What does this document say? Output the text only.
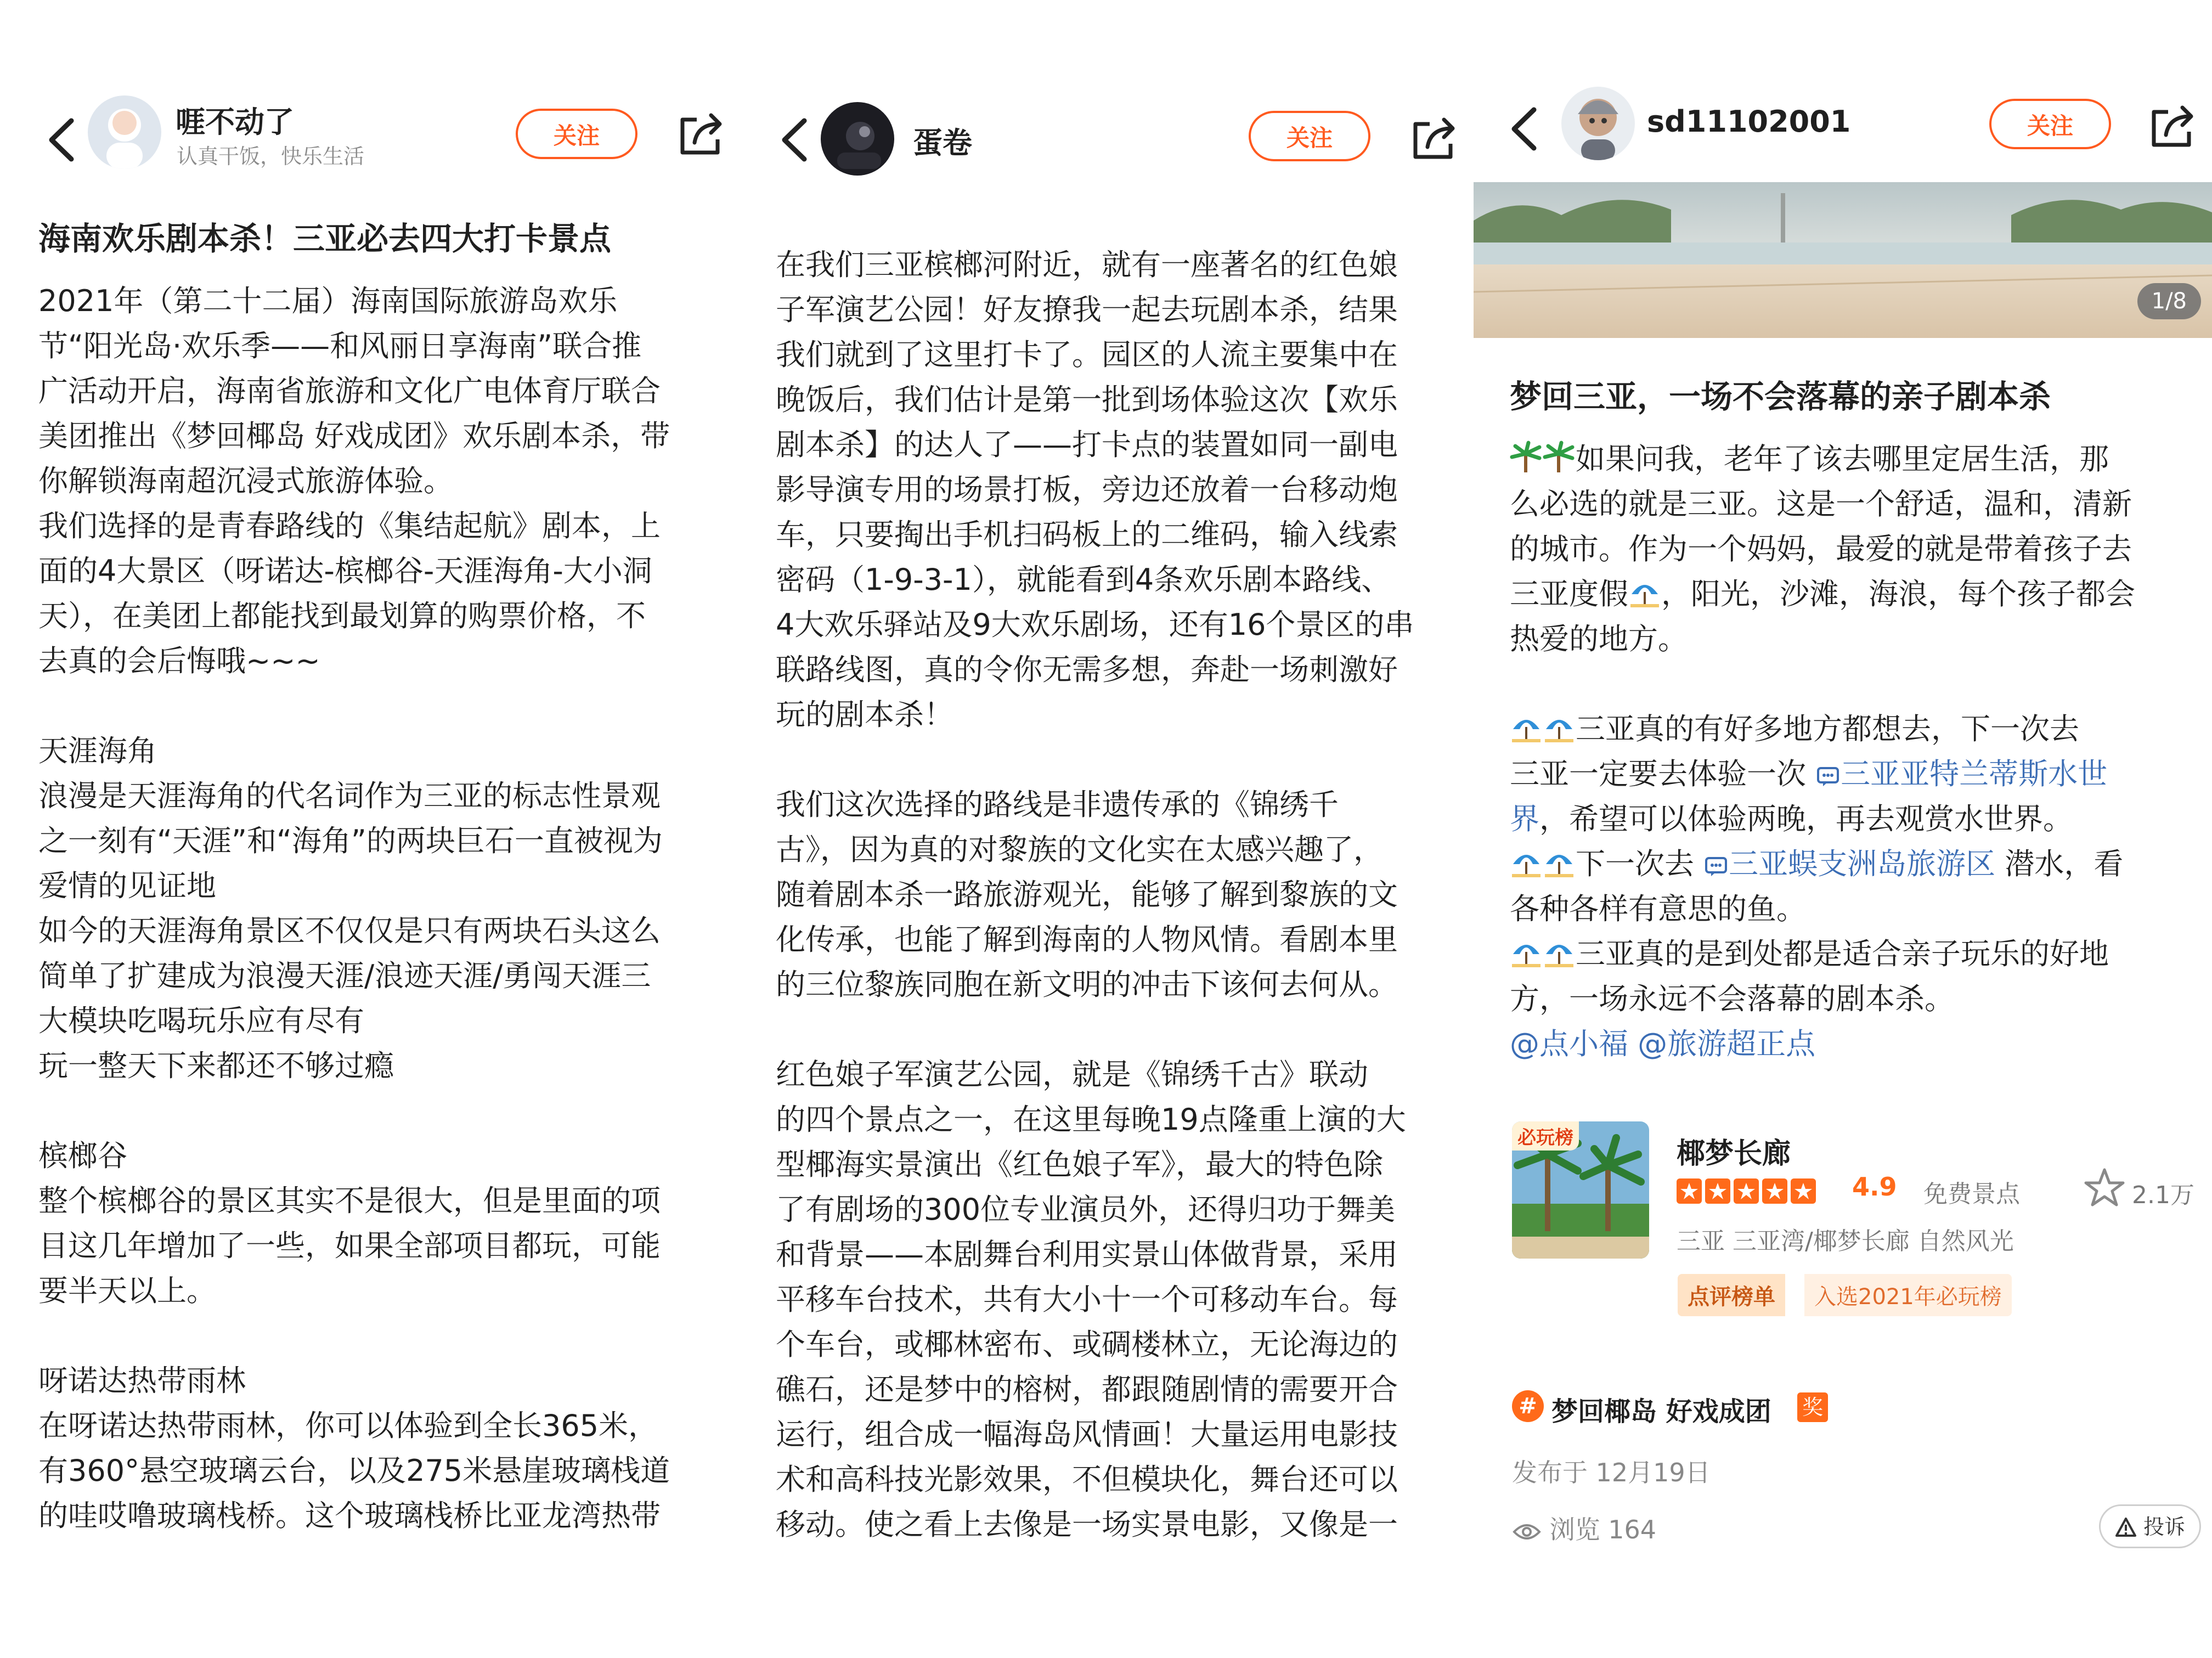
啀不动了
认真干饭，快乐生活
关注
海南欢乐剧本杀！三亚必去四大打卡景点

2021年（第二十二届）海南国际旅游岛欢乐

节“阳光岛·欢乐季——和风丽日享海南”联合推

广活动开启，海南省旅游和文化广电体育厅联合

美团推出《梦回椰岛 好戏成团》欢乐剧本杀，带

你解锁海南超沉浸式旅游体验。

我们选择的是青春路线的《集结起航》剧本，上

面的4大景区（呀诺达-槟榔谷-天涯海角-大小洞

天），在美团上都能找到最划算的购票价格，不

去真的会后悔哦~~~

天涯海角

浪漫是天涯海角的代名词作为三亚的标志性景观

之一刻有“天涯”和“海角”的两块巨石一直被视为

爱情的见证地

如今的天涯海角景区不仅仅是只有两块石头这么

简单了扩建成为浪漫天涯/浪迹天涯/勇闯天涯三

大模块吃喝玩乐应有尽有

玩一整天下来都还不够过瘾

槟榔谷

整个槟榔谷的景区其实不是很大，但是里面的项

目这几年增加了一些，如果全部项目都玩，可能

要半天以上。

呀诺达热带雨林

在呀诺达热带雨林，你可以体验到全长365米，

有360°悬空玻璃云台，以及275米悬崖玻璃栈道

的哇哎噜玻璃栈桥。这个玻璃栈桥比亚龙湾热带

蛋卷	关注

在我们三亚槟榔河附近，就有一座著名的红色娘

子军演艺公园！好友撩我一起去玩剧本杀，结果

我们就到了这里打卡了。园区的人流主要集中在

晚饭后，我们估计是第一批到场体验这次【欢乐

剧本杀】的达人了——打卡点的装置如同一副电

影导演专用的场景打板，旁边还放着一台移动炮

车，只要掏出手机扫码板上的二维码，输入线索

密码（1-9-3-1），就能看到4条欢乐剧本路线、

4大欢乐驿站及9大欢乐剧场，还有16个景区的串

联路线图，真的令你无需多想，奔赴一场刺激好

玩的剧本杀！

我们这次选择的路线是非遗传承的《锦绣千

古》，因为真的对黎族的文化实在太感兴趣了，

随着剧本杀一路旅游观光，能够了解到黎族的文

化传承，也能了解到海南的人物风情。看剧本里

的三位黎族同胞在新文明的冲击下该何去何从。

红色娘子军演艺公园，就是《锦绣千古》联动

的四个景点之一，在这里每晚19点隆重上演的大

型椰海实景演出《红色娘子军》，最大的特色除

了有剧场的300位专业演员外，还得归功于舞美

和背景——本剧舞台利用实景山体做背景，采用

平移车台技术，共有大小十一个可移动车台。每

个车台，或椰林密布、或碉楼林立，无论海边的

礁石，还是梦中的榕树，都跟随剧情的需要开合

运行，组合成一幅海岛风情画！大量运用电影技

术和高科技光影效果，不但模块化，舞台还可以

移动。使之看上去像是一场实景电影，又像是一

sd11102001	关注
1/8
梦回三亚，一场不会落幕的亲子剧本杀

如果问我，老年了该去哪里定居生活，那

么必选的就是三亚。这是一个舒适，温和，清新

的城市。作为一个妈妈，最爱的就是带着孩子去

三亚度假 ，阳光，沙滩，海浪，每个孩子都会

热爱的地方。

三亚真的有好多地方都想去，下一次去

三亚一定要去体验一次 三亚亚特兰蒂斯水世

界，希望可以体验两晚，再去观赏水世界。

下一次去 三亚蜈支洲岛旅游区 潜水，看

各种各样有意思的鱼。

三亚真的是到处都是适合亲子玩乐的好地

方，一场永远不会落幕的剧本杀。

@点小福 @旅游超正点

必玩榜	椰梦长廊
4.9 免费景点	2.1万
三亚 三亚湾/椰梦长廊 自然风光
点评榜单	入选2021年必玩榜
# 梦回椰岛 好戏成团 奖
发布于 12月19日
浏览 164	投诉
